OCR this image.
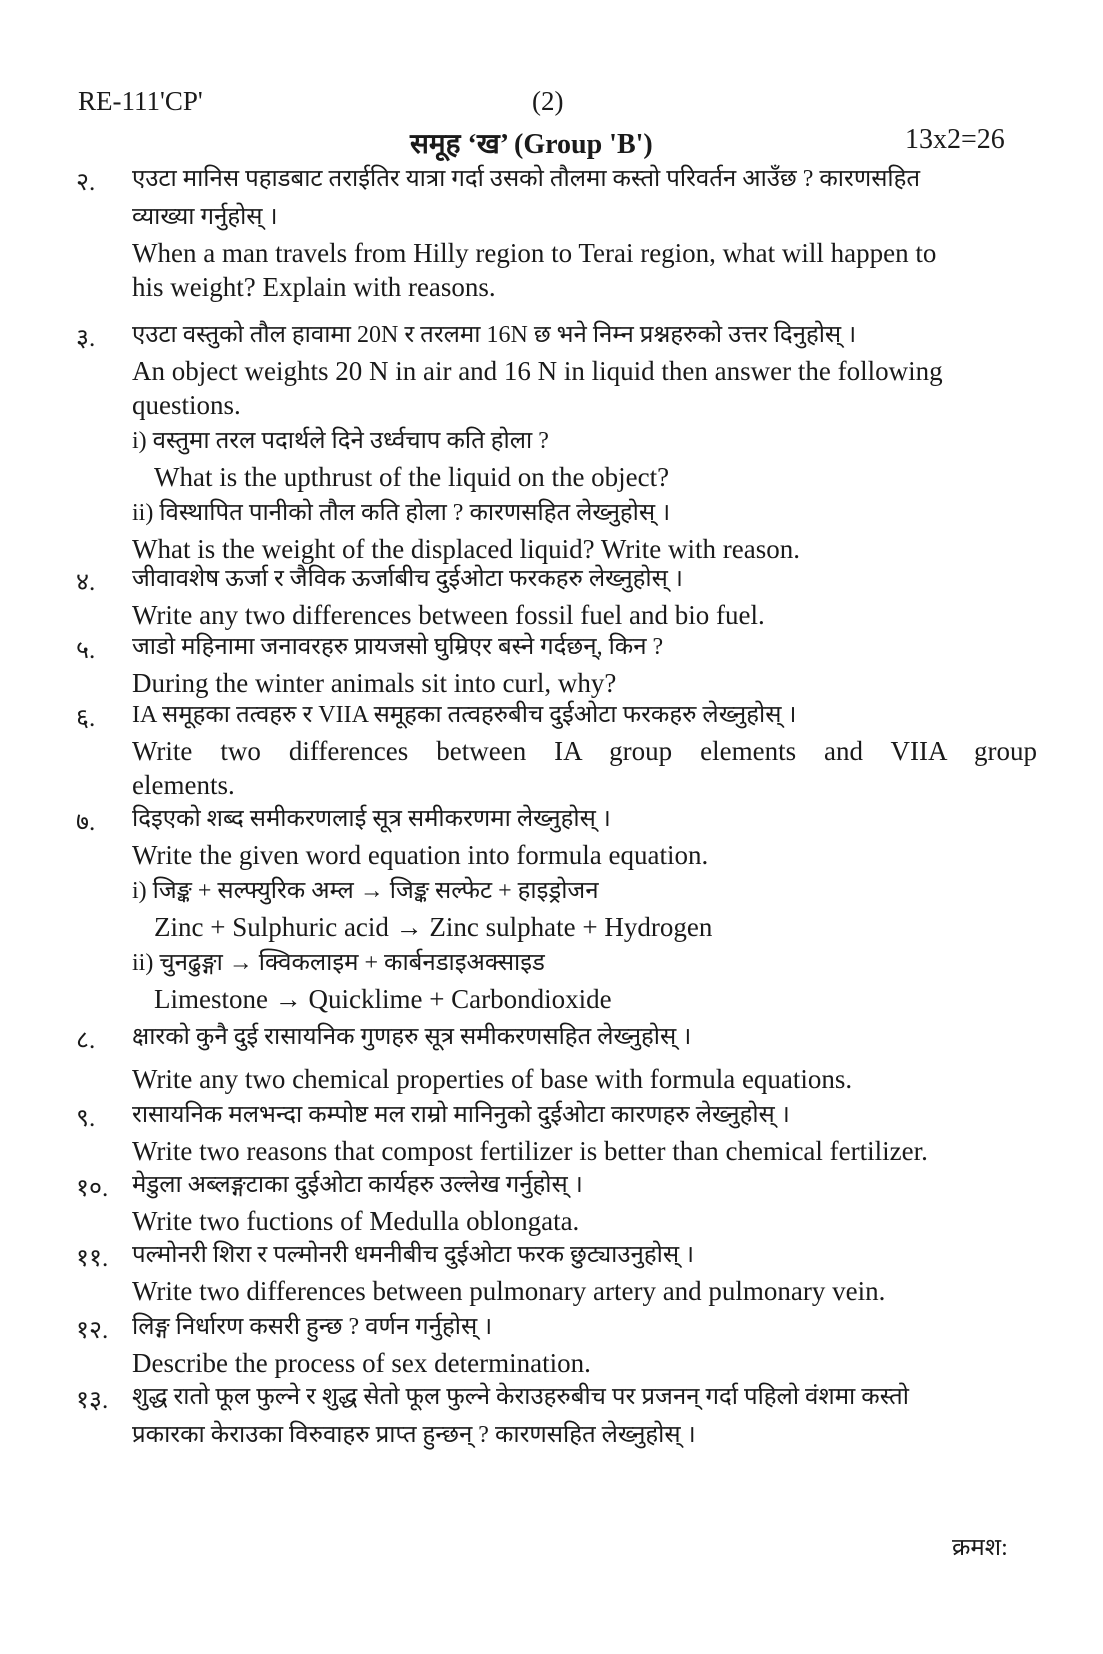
RE-111'CP'	(2)
समूह ‘ख’ (Group 'B')	13x2=26
२. एउटा मानिस पहाडबाट तराईतिर यात्रा गर्दा उसको तौलमा कस्तो परिवर्तन आउँछ ? कारणसहित
व्याख्या गर्नुहोस् ।
When a man travels from Hilly region to Terai region, what will happen to
his weight? Explain with reasons.
३. एउटा वस्तुको तौल हावामा 20N र तरलमा 16N छ भने निम्न प्रश्नहरुको उत्तर दिनुहोस् ।
An object weights 20 N in air and 16 N in liquid then answer the following
questions.
i) वस्तुमा तरल पदार्थले दिने उर्ध्वचाप कति होला ?
What is the upthrust of the liquid on the object?
ii) विस्थापित पानीको तौल कति होला ? कारणसहित लेख्नुहोस् ।
What is the weight of the displaced liquid? Write with reason.
४. जीवावशेष ऊर्जा र जैविक ऊर्जाबीच दुईओटा फरकहरु लेख्नुहोस् ।
Write any two differences between fossil fuel and bio fuel.
५. जाडो महिनामा जनावरहरु प्रायजसो घुम्रिएर बस्ने गर्दछन्, किन ?
During the winter animals sit into curl, why?
६. IA समूहका तत्वहरु र VIIA समूहका तत्वहरुबीच दुईओटा फरकहरु लेख्नुहोस् ।
Write two differences between IA group elements and VIIA group
elements.
७. दिइएको शब्द समीकरणलाई सूत्र समीकरणमा लेख्नुहोस् ।
Write the given word equation into formula equation.
i) जिङ्क + सल्फ्युरिक अम्ल → जिङ्क सल्फेट + हाइड्रोजन
Zinc + Sulphuric acid → Zinc sulphate + Hydrogen
ii) चुनढुङ्गा → क्विकलाइम + कार्बनडाइअक्साइड
Limestone → Quicklime + Carbondioxide
८. क्षारको कुनै दुई रासायनिक गुणहरु सूत्र समीकरणसहित लेख्नुहोस् ।
Write any two chemical properties of base with formula equations.
९. रासायनिक मलभन्दा कम्पोष्ट मल राम्रो मानिनुको दुईओटा कारणहरु लेख्नुहोस् ।
Write two reasons that compost fertilizer is better than chemical fertilizer.
१०. मेडुला अब्लङ्गटाका दुईओटा कार्यहरु उल्लेख गर्नुहोस् ।
Write two fuctions of Medulla oblongata.
११. पल्मोनरी शिरा र पल्मोनरी धमनीबीच दुईओटा फरक छुट्याउनुहोस् ।
Write two differences between pulmonary artery and pulmonary vein.
१२. लिङ्ग निर्धारण कसरी हुन्छ ? वर्णन गर्नुहोस् ।
Describe the process of sex determination.
१३. शुद्ध रातो फूल फुल्ने र शुद्ध सेतो फूल फुल्ने केराउहरुबीच पर प्रजनन् गर्दा पहिलो वंशमा कस्तो
प्रकारका केराउका विरुवाहरु प्राप्त हुन्छन् ? कारणसहित लेख्नुहोस् ।
क्रमश:
